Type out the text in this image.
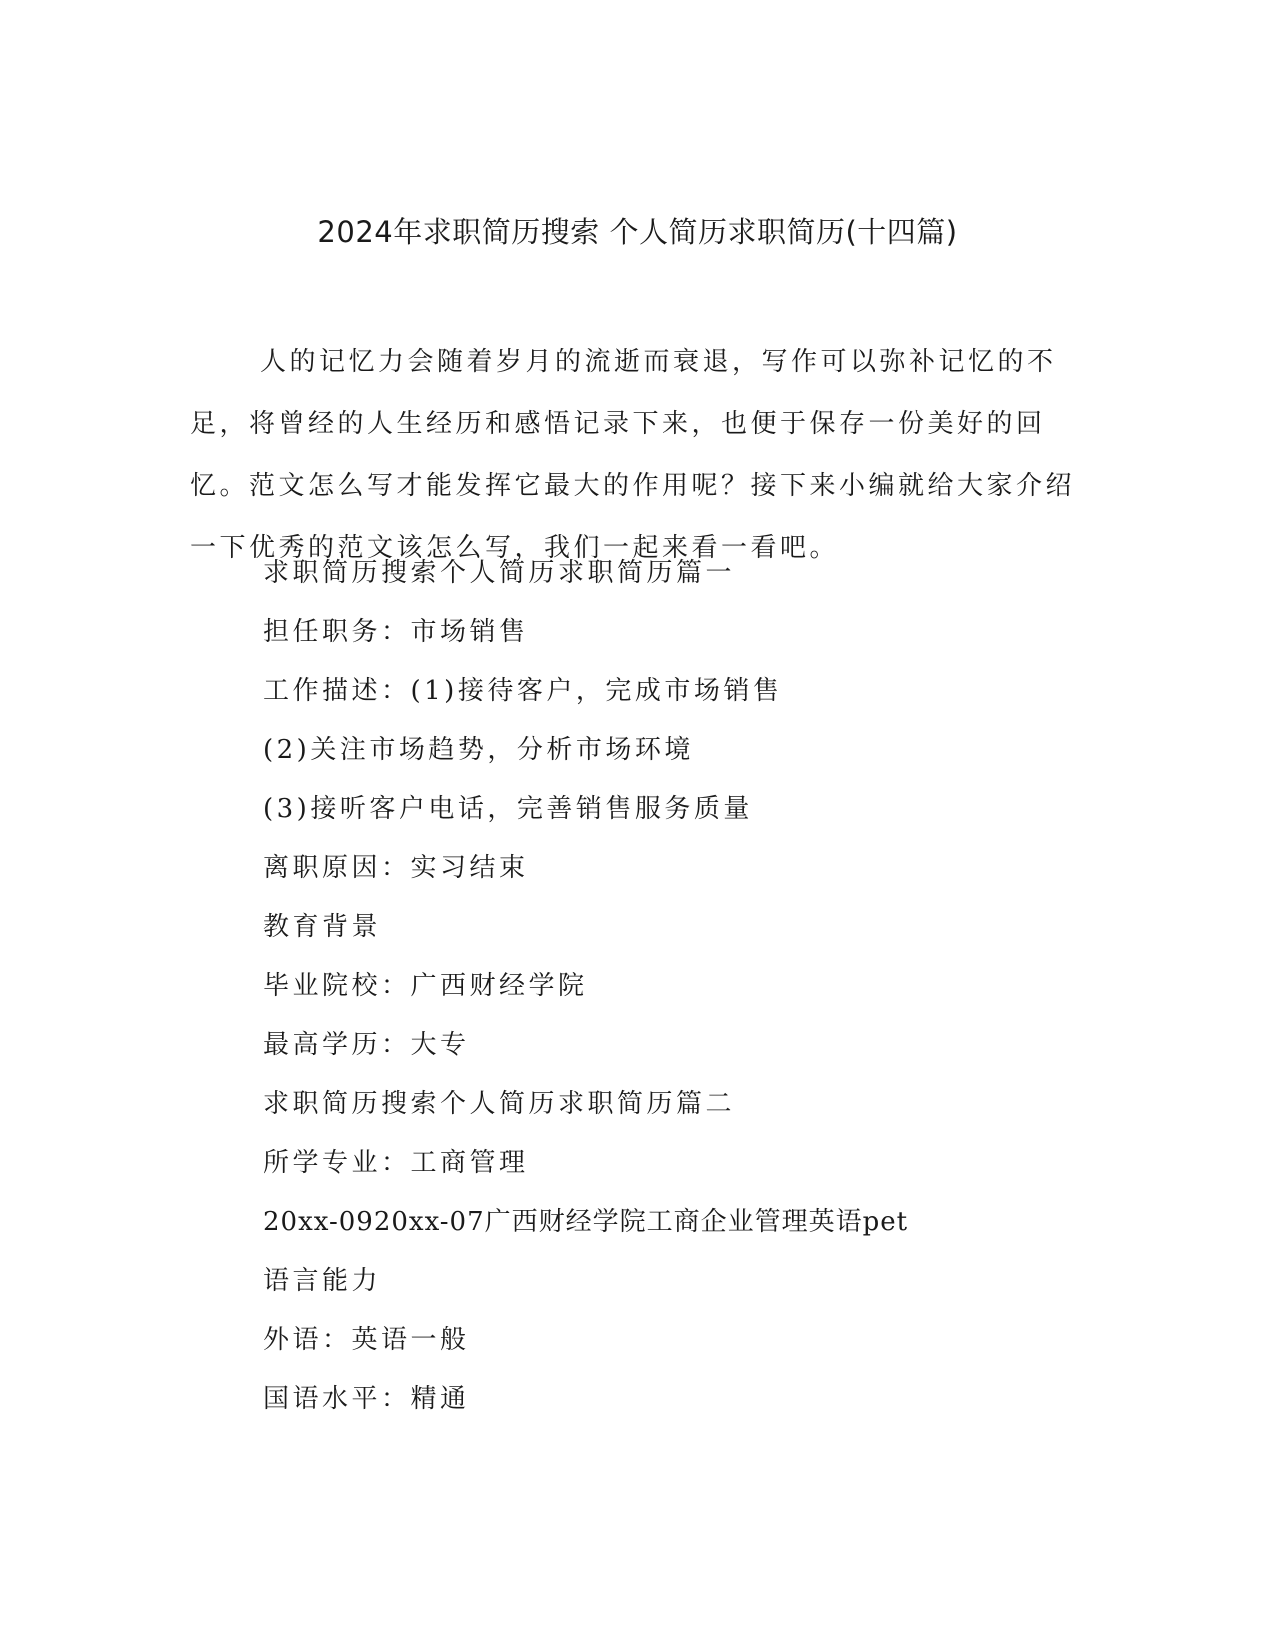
2024年求职简历搜索 个人简历求职简历(十四篇)

人的记忆力会随着岁月的流逝而衰退，写作可以弥补记忆的不足，将曾经的人生经历和感悟记录下来，也便于保存一份美好的回忆。范文怎么写才能发挥它最大的作用呢？接下来小编就给大家介绍一下优秀的范文该怎么写，我们一起来看一看吧。

求职简历搜索个人简历求职简历篇一

担任职务：市场销售

工作描述：(1)接待客户，完成市场销售

(2)关注市场趋势，分析市场环境

(3)接听客户电话，完善销售服务质量

离职原因：实习结束

教育背景

毕业院校：广西财经学院

最高学历：大专

求职简历搜索个人简历求职简历篇二

所学专业：工商管理

20xx-0920xx-07广西财经学院工商企业管理英语pet

语言能力

外语：英语一般

国语水平：精通
